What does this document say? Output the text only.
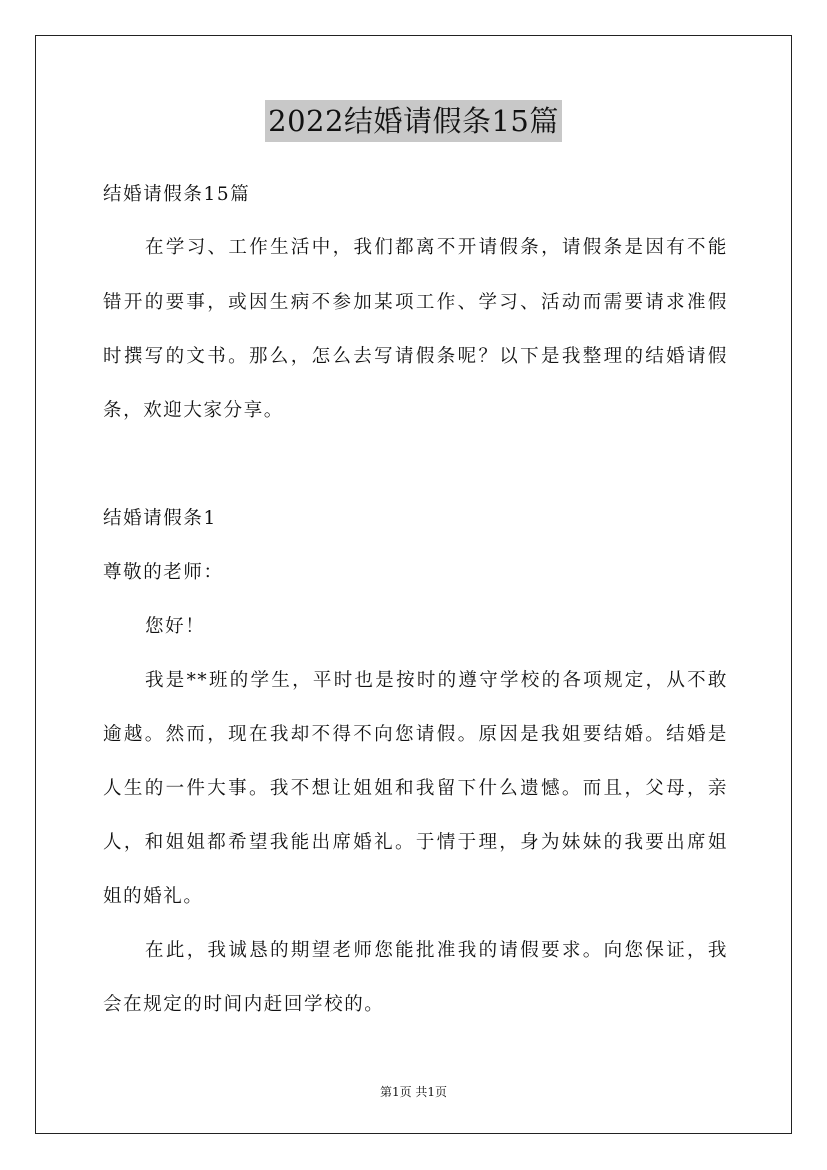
2022结婚请假条15篇
结婚请假条15篇
在学习、工作生活中，我们都离不开请假条，请假条是因有不能
错开的要事，或因生病不参加某项工作、学习、活动而需要请求准假
时撰写的文书。那么，怎么去写请假条呢？以下是我整理的结婚请假
条，欢迎大家分享。
结婚请假条1
尊敬的老师：
您好！
我是**班的学生，平时也是按时的遵守学校的各项规定，从不敢
逾越。然而，现在我却不得不向您请假。原因是我姐要结婚。结婚是
人生的一件大事。我不想让姐姐和我留下什么遗憾。而且，父母，亲
人，和姐姐都希望我能出席婚礼。于情于理，身为妹妹的我要出席姐
姐的婚礼。
在此，我诚恳的期望老师您能批准我的请假要求。向您保证，我
会在规定的时间内赶回学校的。
第1页 共1页
